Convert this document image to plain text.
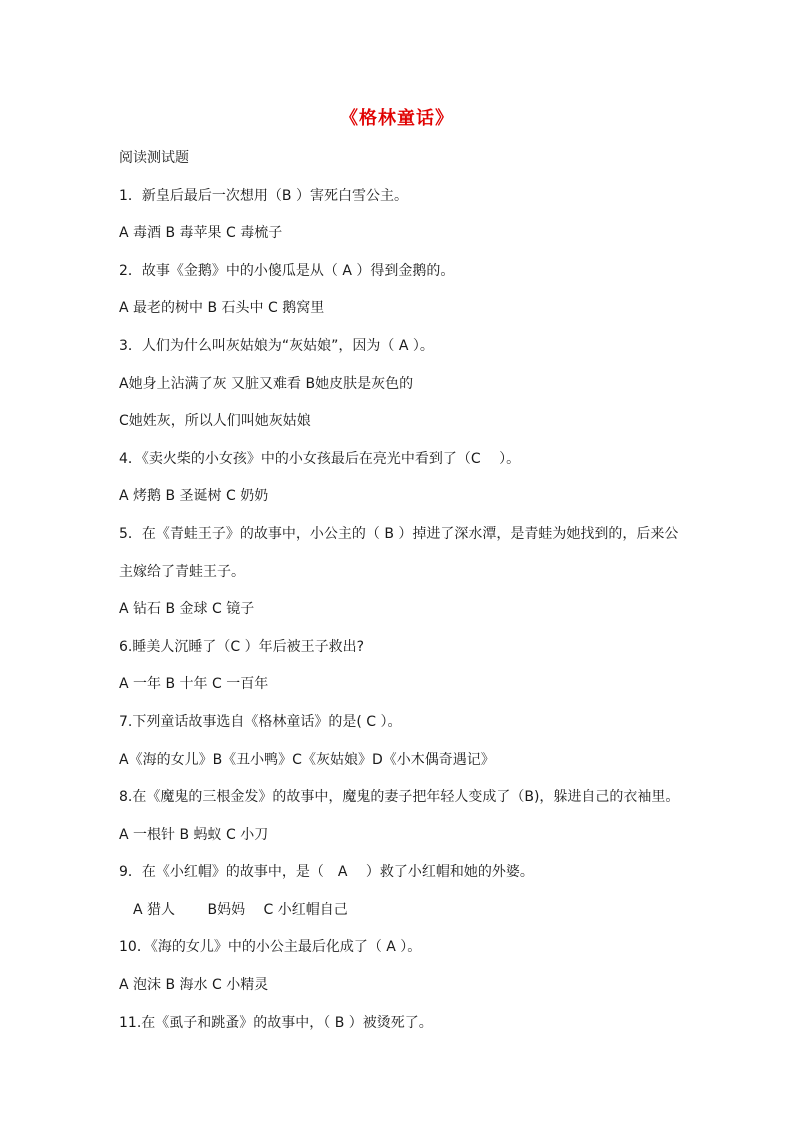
《格林童话》
阅读测试题
1．新皇后最后一次想用（B ）害死白雪公主。
A 毒酒 B 毒苹果 C 毒梳子
2．故事《金鹅》中的小傻瓜是从（ A ）得到金鹅的。
A 最老的树中 B 石头中 C 鹅窝里
3．人们为什么叫灰姑娘为“灰姑娘”，因为（ A ）。
A她身上沾满了灰 又脏又难看 B她皮肤是灰色的
C她姓灰，所以人们叫她灰姑娘
4．《卖火柴的小女孩》中的小女孩最后在亮光中看到了（C　 ）。
A 烤鹅 B 圣诞树 C 奶奶
5．在《青蛙王子》的故事中，小公主的（ B ）掉进了深水潭，是青蛙为她找到的，后来公
主嫁给了青蛙王子。
A 钻石 B 金球 C 镜子
6.睡美人沉睡了（C ）年后被王子救出?
A 一年 B 十年 C 一百年
7.下列童话故事选自《格林童话》的是( C ）。
A《海的女儿》B《丑小鸭》C《灰姑娘》D《小木偶奇遇记》
8.在《魔鬼的三根金发》的故事中，魔鬼的妻子把年轻人变成了（B)，躲进自己的衣袖里。
A 一根针 B 蚂蚁 C 小刀
9．在《小红帽》的故事中，是（　A　 ）救了小红帽和她的外婆。
　A 猎人　　 B妈妈　 C 小红帽自己
10．《海的女儿》中的小公主最后化成了（ A ）。
A 泡沫 B 海水 C 小精灵
11.在《虱子和跳蚤》的故事中，（ B ）被烫死了。
